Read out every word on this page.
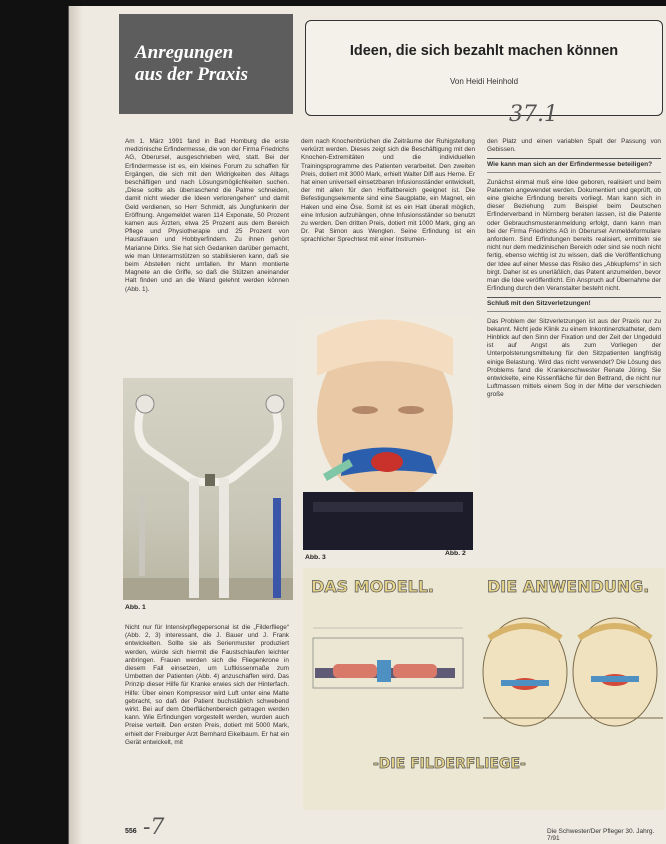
Anregungen
aus der Praxis
Ideen, die sich bezahlt machen können
Von Heidi Heinhold
37.1

Am 1. März 1991 fand in Bad Homburg die erste medizinische Erfindermesse, die von der Firma Friedrichs AG, Oberursel, ausgeschrieben wird, statt. Bei der Erfindermesse ist es, ein kleines Forum zu schaffen für Ergängen, die sich mit den Widrigkeiten des Alltags beschäftigen und nach Lösungsmöglichkeiten suchen. „Diese sollte als überraschend die Palme schneiden, damit nicht wieder die Ideen verlorengehen“ und damit Geld verdienen, so Herr Schmidt, als Jungfunkerin der Eröffnung. Angemeldet waren 114 Exponate, 50 Prozent kamen aus Ärzten, etwa 25 Prozent aus dem Bereich Pflege und Physiotherapie und 25 Prozent von Hausfrauen und Hobbyerfindern. Zu ihnen gehört Marianne Dirks. Sie hat sich Gedanken darüber gemacht, wie man Unterarmstützen so stabilisieren kann, daß sie beim Abstellen nicht umfallen. Ihr Mann montierte Magnete an die Griffe, so daß die Stützen aneinander Halt finden und an die Wand gelehnt werden können (Abb. 1).

Abb. 1

Nicht nur für Intensivpflegepersonal ist die „Filderfliege“ (Abb. 2, 3) interessant, die J. Bauer und J. Frank entwickelten. Sollte sie als Serienmuster produziert werden, würde sich hiermit die Faustschlaufen leichter anbringen. Frauen werden sich die Fliegenkrone in diesem Fall einsetzen, um Luftkissenmaße zum Umbetten der Patienten (Abb. 4) anzuschaffen wird. Das Prinzip dieser Hilfe für Kranke erwies sich der Hinterfach. Hilfe: Über einen Kompressor wird Luft unter eine Matte gebracht, so daß der Patient buchstäblich schwebend wirkt. Bei auf dem Oberflächenbereich getragen werden kann. Wie Erfindungen vorgestellt werden, wurden auch Preise verteilt. Den ersten Preis, dotiert mit 5000 Mark, erhielt der Freiburger Arzt Bernhard Eikelbaum. Er hat ein Gerät entwickelt, mit

dem nach Knochenbrüchen die Zeiträume der Ruhigstellung verkürzt werden. Dieses zeigt sich die Beschäftigung mit den Knochen-Extremitäten und die individuellen Trainingsprogramme des Patienten verarbeitet. Den zweiten Preis, dotiert mit 3000 Mark, erhielt Walter Diff aus Herne. Er hat einen universell einsetzbaren Infusionsständer entwickelt, der mit allen für den Hoffaltbereich geeignet ist. Die Befestigungselemente sind eine Saugplatte, ein Magnet, ein Haken und eine Öse. Somit ist es ein Halt überall möglich, eine Infusion aufzuhängen, ohne Infusionsständer so benutzt zu werden. Den dritten Preis, dotiert mit 1000 Mark, ging an Dr. Pat Simon aus Wenglen. Seine Erfindung ist ein sprachlicher Sprechtest mit einer Instrumen-

Abb. 3
Abb. 2

den Platz und einen variablen Spalt der Passung von Gebissen.

Wie kann man sich an der Erfindermesse beteiligen?

Zunächst einmal muß eine Idee geboren, realisiert und beim Patienten angewendet werden. Dokumentiert und geprüft, ob eine gleiche Erfindung bereits vorliegt. Man kann sich in dieser Beziehung zum Beispiel beim Deutschen Erfinderverband in Nürnberg beraten lassen, ist die Patente oder Gebrauchsmusteranmeldung erfolgt, dann kann man bei der Firma Friedrichs AG in Oberursel Anmeldeformulare anfordern. Sind Erfindungen bereits realisiert, ermitteln sie nicht nur dem medizinischen Bereich oder sind sie noch nicht fertig, ebenso wichtig ist zu wissen, daß die Veröffentlichung der Idee auf einer Messe das Risiko des „Abkupferns“ in sich birgt. Daher ist es unerläßlich, das Patent anzumelden, bevor man die Idee veröffentlicht. Ein Anspruch auf Übernahme der Erfindung durch den Veranstalter besteht nicht.

Schluß mit den Sitzverletzungen!

Das Problem der Sitzverletzungen ist aus der Praxis nur zu bekannt. Nicht jede Klinik zu einem Inkontinenzkatheter, dem Hinblick auf den Sinn der Fixation und der Zeit der Ungeduld ist auf Angst als zum Vorliegen der Unterpolsterungsmittelung für den Sitzpatienten langfristig einige Belastung. Wird das nicht verwendet? Die Lösung des Problems fand die Krankenschwester Renate Jöring. Sie entwickelte, eine Kissenfläche für den Bettrand, die nicht nur Luftmassen mittels einem Sog in der Mitte der verschieden große

DAS MODELL.	DIE ANWENDUNG.
-DIE FILDERFLIEGE-
556 -7	Die Schwester/Der Pfleger 30. Jahrg. 7/91
